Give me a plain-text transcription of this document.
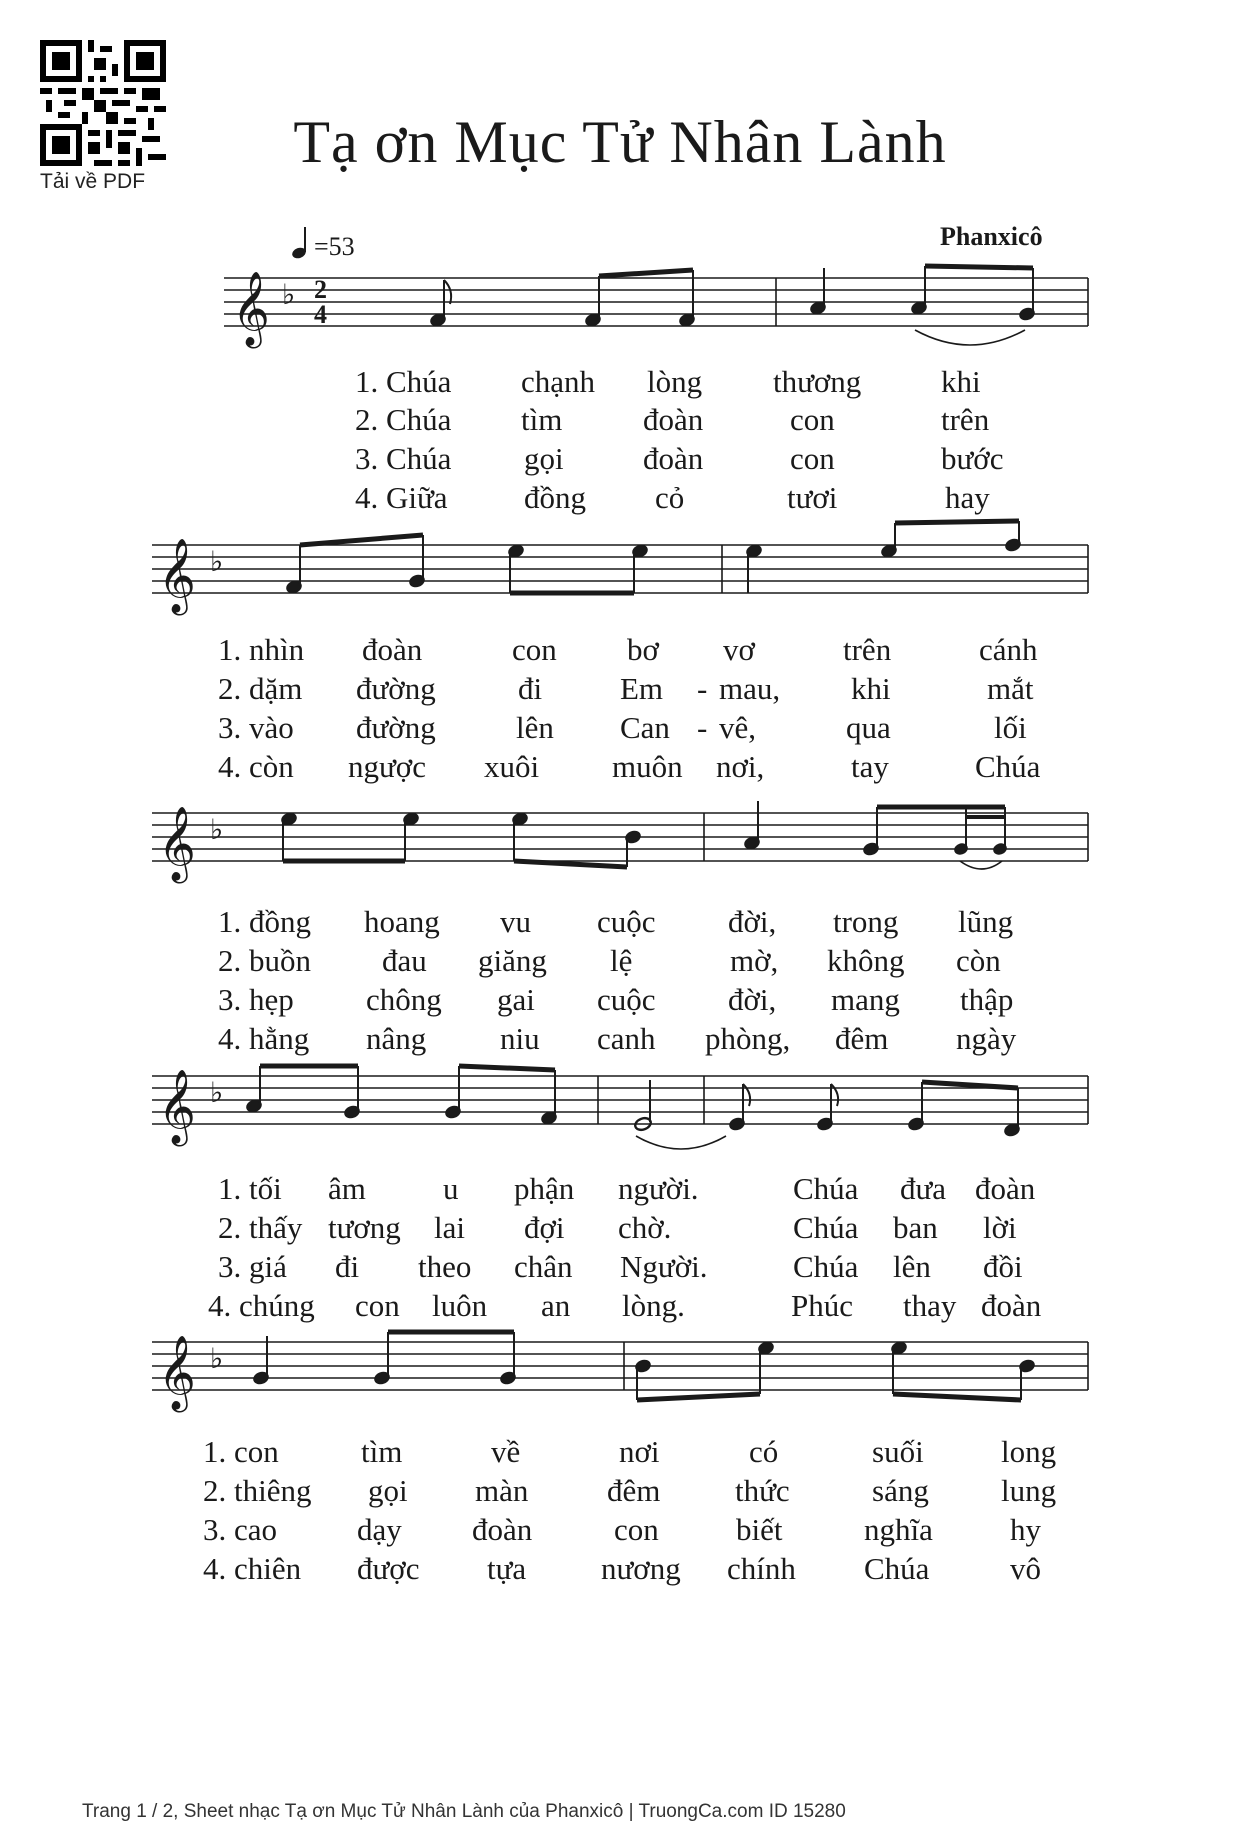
Tải về PDF
Tạ ơn Mục Tử Nhân Lành
Phanxicô
=53
𝄞 ♭ 2
4
𝄞 ♭
𝄞 ♭
𝄞 ♭
𝄞 ♭
1. Chúa chạnh lòng thương	khi
2. Chúa tìm	đoàn	con	trên
3. Chúa gọi	đoàn	con	bước
4. Giữa đồng cỏ	tươi	hay
1. nhìn đoàn	con bơ vơ	trên	cánh
2. dặm đường	đi	Em - mau, khi	mắt
3. vào đường	lên Can - vê,	qua	lối
4. còn ngược xuôi muôn nơi,	tay	Chúa
1. đồng hoang vu cuộc đời, trong lũng
2. buồn đau giăng lệ	mờ, không còn
3. hẹp chông gai cuộc đời, mang thập
4. hằng nâng niu canh phòng, đêm ngày
1. tối âm u phận người.	Chúa đưa đoàn
2. thấy tương lai đợi chờ.	Chúa ban lời
3. giá đi theo chân Người.	Chúa lên đồi
4. chúng con luôn an lòng.	Phúc thay đoàn
1. con	tìm	về	nơi	có	suối long
2. thiêng gọi màn	đêm thức	sáng lung
3. cao	dạy đoàn	con biết	nghĩa hy
4. chiên được tựa nương chính Chúa	vô
Trang 1 / 2, Sheet nhạc Tạ ơn Mục Tử Nhân Lành của Phanxicô | TruongCa.com ID 15280
